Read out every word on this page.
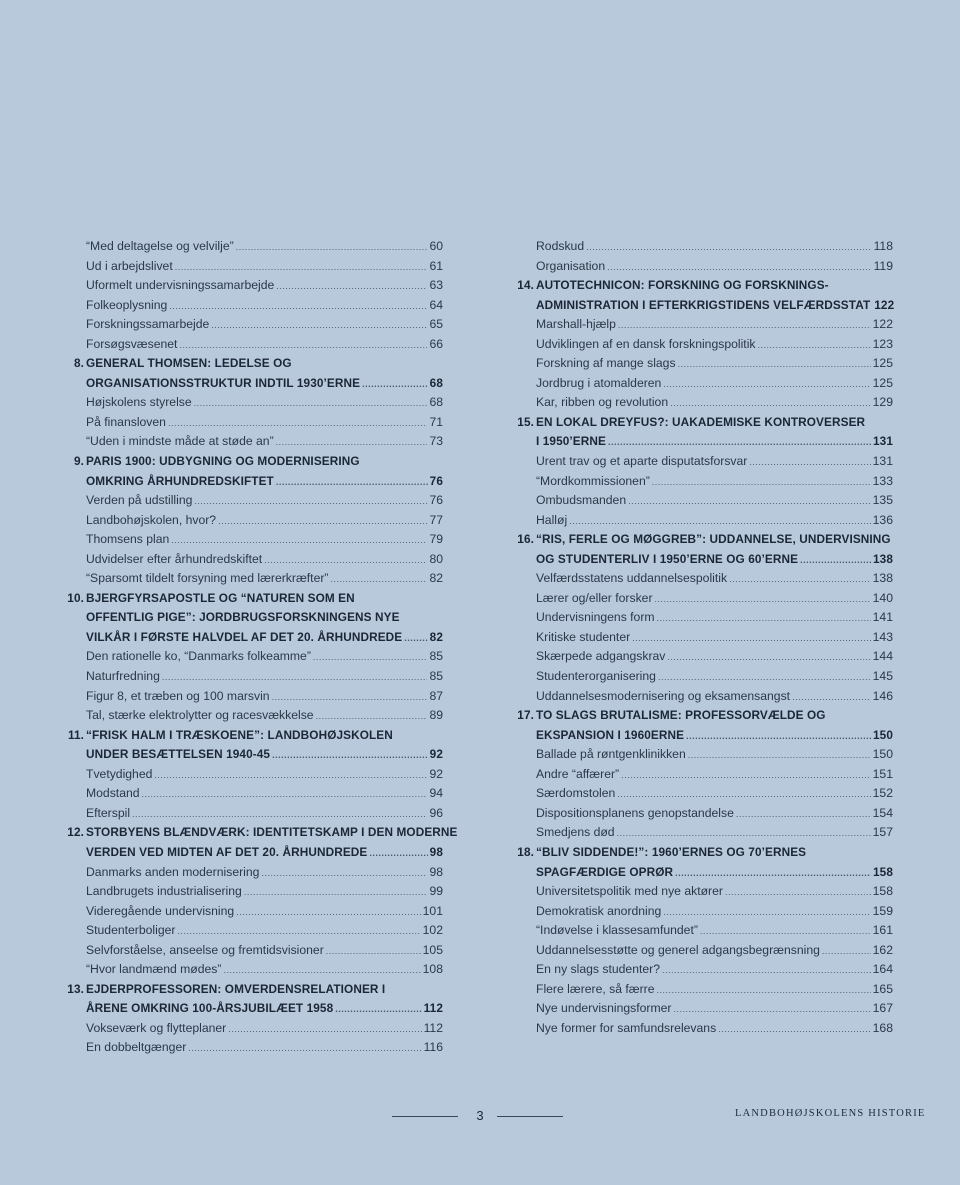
“Med deltagelse og velvilje” .....	60
Ud i arbejdslivet .....	61
Uformelt undervisningssamarbejde .....	63
Folkeoplysning .....	64
Forskningssamarbejde .....	65
Forsøgsvæsenet .....	66
8. GENERAL THOMSEN: LEDELSE OG
ORGANISATIONSSTRUKTUR INDTIL 1930’ERNE .....	68
Højskolens styrelse .....	68
På finansloven .....	71
“Uden i mindste måde at støde an” .....	73
9. PARIS 1900: UDBYGNING OG MODERNISERING
OMKRING ÅRHUNDREDSKIFTET .....	76
Verden på udstilling .....	76
Landbohøjskolen, hvor? .....	77
Thomsens plan .....	79
Udvidelser efter århundredskiftet .....	80
“Sparsomt tildelt forsyning med lærerkræfter” .....	82
10. BJERGFYRSAPOSTLE OG “NATUREN SOM EN
OFFENTLIG PIGE”: JORDBRUGSFORSKNINGENS NYE
VILKÅR I FØRSTE HALVDEL AF DET 20. ÅRHUNDREDE ..... 82
Den rationelle ko, “Danmarks folkeamme” .....	85
Naturfredning .....	85
Figur 8, et træben og 100 marsvin .....	87
Tal, stærke elektrolytter og racesvækkelse .....	89
11. “FRISK HALM I TRÆSKOENE”: LANDBOHØJSKOLEN
UNDER BESÆTTELSEN 1940-45 .....	92
Tvetydighed .....	92
Modstand .....	94
Efterspil .....	96
12. STORBYENS BLÆNDVÆRK: IDENTITETSKAMP I DEN MODERNE
VERDEN VED MIDTEN AF DET 20. ÅRHUNDREDE .....	98
Danmarks anden modernisering .....	98
Landbrugets industrialisering .....	99
Videregående undervisning .....	101
Studenterboliger .....	102
Selvforståelse, anseelse og fremtidsvisioner .....	105
“Hvor landmænd mødes” .....	108
13. EJDERPROFESSOREN: OMVERDENSRELATIONER I
ÅRENE OMKRING 100-ÅRSJUBILÆET 1958 .....	112
Vokseværk og flytteplaner .....	112
En dobbeltgænger .....	116
Rodskud .....	118
Organisation .....	119
14. AUTOTECHNICON: FORSKNING OG FORSKNINGS-
ADMINISTRATION I EFTERKRIGSTIDENS VELFÆRDSSTAT 122
Marshall-hjælp .....	122
Udviklingen af en dansk forskningspolitik .....	123
Forskning af mange slags .....	125
Jordbrug i atomalderen .....	125
Kar, ribben og revolution .....	129
15. EN LOKAL DREYFUS?: UAKADEMISKE KONTROVERSER
I 1950’ERNE .....	131
Urent trav og et aparte disputatsforsvar .....	131
“Mordkommissionen” .....	133
Ombudsmanden .....	135
Halløj .....	136
16. “RIS, FERLE OG MØGGREB”: UDDANNELSE, UNDERVISNING
OG STUDENTERLIV I 1950’ERNE OG 60’ERNE .....	138
Velfærdsstatens uddannelsespolitik .....	138
Lærer og/eller forsker .....	140
Undervisningens form .....	141
Kritiske studenter .....	143
Skærpede adgangskrav .....	144
Studenterorganisering .....	145
Uddannelsesmodernisering og eksamensangst .....	146
17. TO SLAGS BRUTALISME: PROFESSORVÆLDE OG
EKSPANSION I 1960ERNE .....	150
Ballade på røntgenklinikken .....	150
Andre “affærer” .....	151
Særdomstolen .....	152
Dispositionsplanens genopstandelse .....	154
Smedjens død .....	157
18. “BLIV SIDDENDE!”: 1960’ERNES OG 70’ERNES
SPAGFÆRDIGE OPRØR .....	158
Universitetspolitik med nye aktører .....	158
Demokratisk anordning .....	159
“Indøvelse i klassesamfundet” .....	161
Uddannelsesstøtte og generel adgangsbegrænsning .....	162
En ny slags studenter? .....	164
Flere lærere, så færre .....	165
Nye undervisningsformer .....	167
Nye former for samfundsrelevans .....	168
3	LANDBOHØJSKOLENS HISTORIE
